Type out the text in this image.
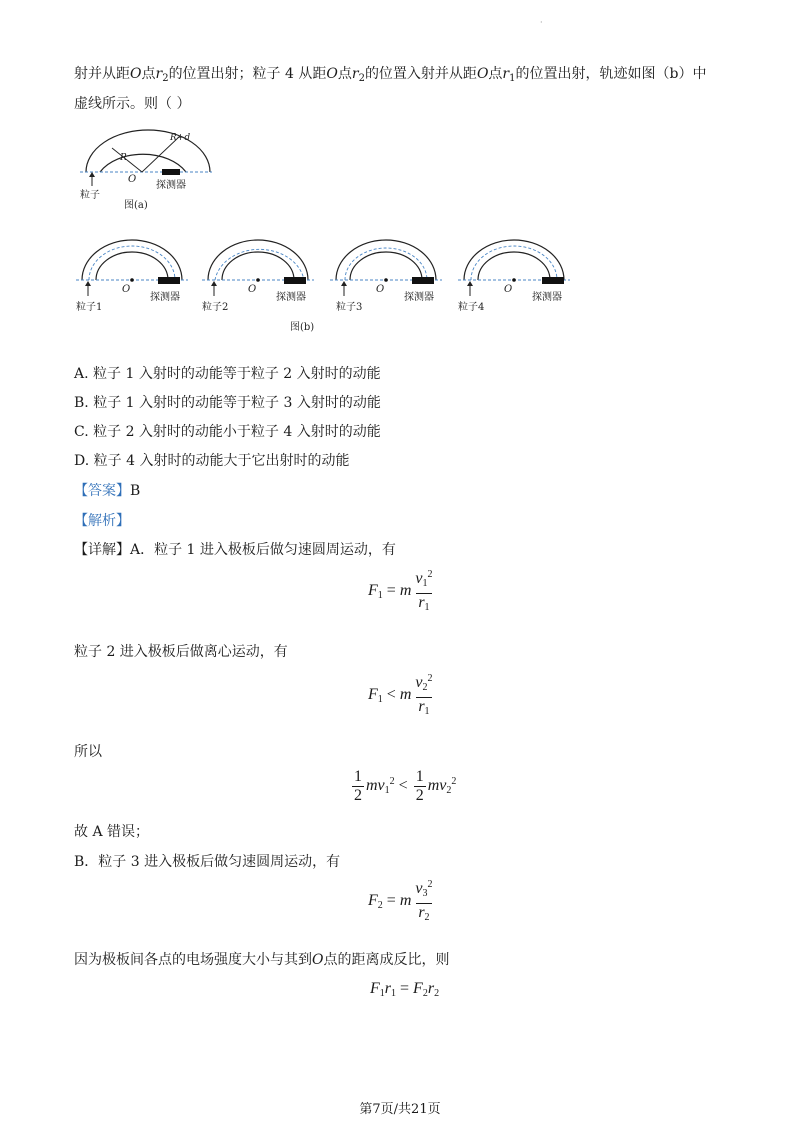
·
射并从距O点$r_2$的位置出射；粒子 4 从距O点$r_2$的位置入射并从距O点$r_1$的位置出射，轨迹如图（b）中
虚线所示。则（ ）
R
R+d
O
粒子
探测器
图(a)
粒子1
O
探测器
粒子2
O
探测器
粒子3
O
探测器
粒子4
O
探测器
图(b)
A. 粒子 1 入射时的动能等于粒子 2 入射时的动能
B. 粒子 1 入射时的动能等于粒子 3 入射时的动能
C. 粒子 2 入射时的动能小于粒子 4 入射时的动能
D. 粒子 4 入射时的动能大于它出射时的动能
【答案】B
【解析】
【详解】A．粒子 1 进入极板后做匀速圆周运动，有
$F_1 = m \frac{v_1^2}{r_1}$
粒子 2 进入极板后做离心运动，有
$F_1 < m \frac{v_2^2}{r_1}$
所以
$\frac{1}{2} mv_1^2 < \frac{1}{2} mv_2^2$
故 A 错误；
B．粒子 3 进入极板后做匀速圆周运动，有
$F_2 = m \frac{v_3^2}{r_2}$
因为极板间各点的电场强度大小与其到O点的距离成反比，则
$F_1r_1 = F_2r_2$
第7页/共21页
